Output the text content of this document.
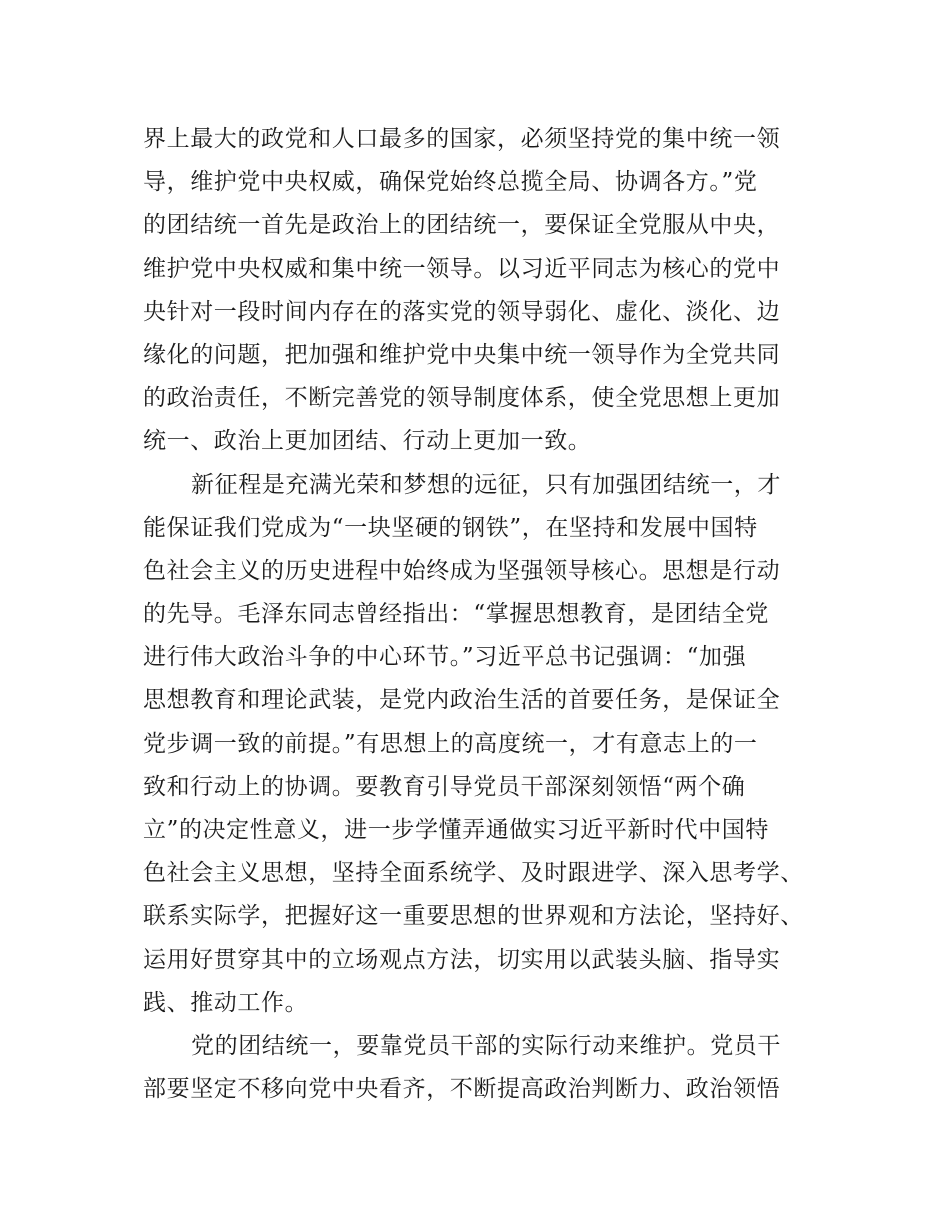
界上最大的政党和人口最多的国家，必须坚持党的集中统一领
导，维护党中央权威，确保党始终总揽全局、协调各方。”党
的团结统一首先是政治上的团结统一，要保证全党服从中央，
维护党中央权威和集中统一领导。以习近平同志为核心的党中
央针对一段时间内存在的落实党的领导弱化、虚化、淡化、边
缘化的问题，把加强和维护党中央集中统一领导作为全党共同
的政治责任，不断完善党的领导制度体系，使全党思想上更加
统一、政治上更加团结、行动上更加一致。
新征程是充满光荣和梦想的远征，只有加强团结统一，才
能保证我们党成为“一块坚硬的钢铁”，在坚持和发展中国特
色社会主义的历史进程中始终成为坚强领导核心。思想是行动
的先导。毛泽东同志曾经指出：“掌握思想教育，是团结全党
进行伟大政治斗争的中心环节。”习近平总书记强调：“加强
思想教育和理论武装，是党内政治生活的首要任务，是保证全
党步调一致的前提。”有思想上的高度统一，才有意志上的一
致和行动上的协调。要教育引导党员干部深刻领悟“两个确
立”的决定性意义，进一步学懂弄通做实习近平新时代中国特
色社会主义思想，坚持全面系统学、及时跟进学、深入思考学、
联系实际学，把握好这一重要思想的世界观和方法论，坚持好、
运用好贯穿其中的立场观点方法，切实用以武装头脑、指导实
践、推动工作。
党的团结统一，要靠党员干部的实际行动来维护。党员干
部要坚定不移向党中央看齐，不断提高政治判断力、政治领悟
